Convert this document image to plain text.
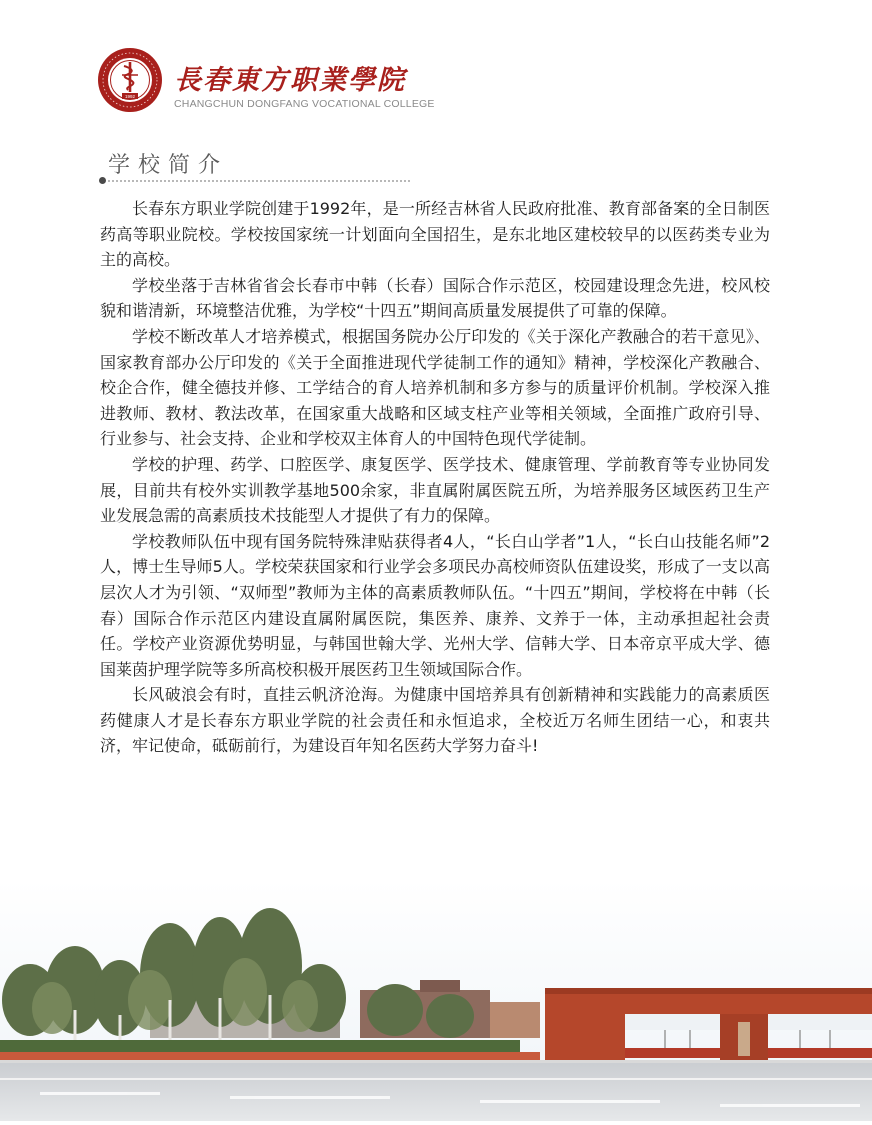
1992
長春東方职業學院
CHANGCHUN DONGFANG VOCATIONAL COLLEGE
学校简介

长春东方职业学院创建于1992年，是一所经吉林省人民政府批准、教育部备案的全日制医药高等职业院校。学校按国家统一计划面向全国招生，是东北地区建校较早的以医药类专业为主的高校。

学校坐落于吉林省省会长春市中韩（长春）国际合作示范区，校园建设理念先进，校风校貌和谐清新，环境整洁优雅，为学校“十四五”期间高质量发展提供了可靠的保障。

学校不断改革人才培养模式，根据国务院办公厅印发的《关于深化产教融合的若干意见》、国家教育部办公厅印发的《关于全面推进现代学徒制工作的通知》精神，学校深化产教融合、校企合作，健全德技并修、工学结合的育人培养机制和多方参与的质量评价机制。学校深入推进教师、教材、教法改革，在国家重大战略和区域支柱产业等相关领域，全面推广政府引导、行业参与、社会支持、企业和学校双主体育人的中国特色现代学徒制。

学校的护理、药学、口腔医学、康复医学、医学技术、健康管理、学前教育等专业协同发展，目前共有校外实训教学基地500余家，非直属附属医院五所，为培养服务区域医药卫生产业发展急需的高素质技术技能型人才提供了有力的保障。

学校教师队伍中现有国务院特殊津贴获得者4人，“长白山学者”1人，“长白山技能名师”2人，博士生导师5人。学校荣获国家和行业学会多项民办高校师资队伍建设奖，形成了一支以高层次人才为引领、“双师型”教师为主体的高素质教师队伍。“十四五”期间，学校将在中韩（长春）国际合作示范区内建设直属附属医院，集医养、康养、文养于一体，主动承担起社会责任。学校产业资源优势明显，与韩国世翰大学、光州大学、信韩大学、日本帝京平成大学、德国莱茵护理学院等多所高校积极开展医药卫生领域国际合作。

长风破浪会有时，直挂云帆济沧海。为健康中国培养具有创新精神和实践能力的高素质医药健康人才是长春东方职业学院的社会责任和永恒追求，全校近万名师生团结一心，和衷共济，牢记使命，砥砺前行，为建设百年知名医药大学努力奋斗!
